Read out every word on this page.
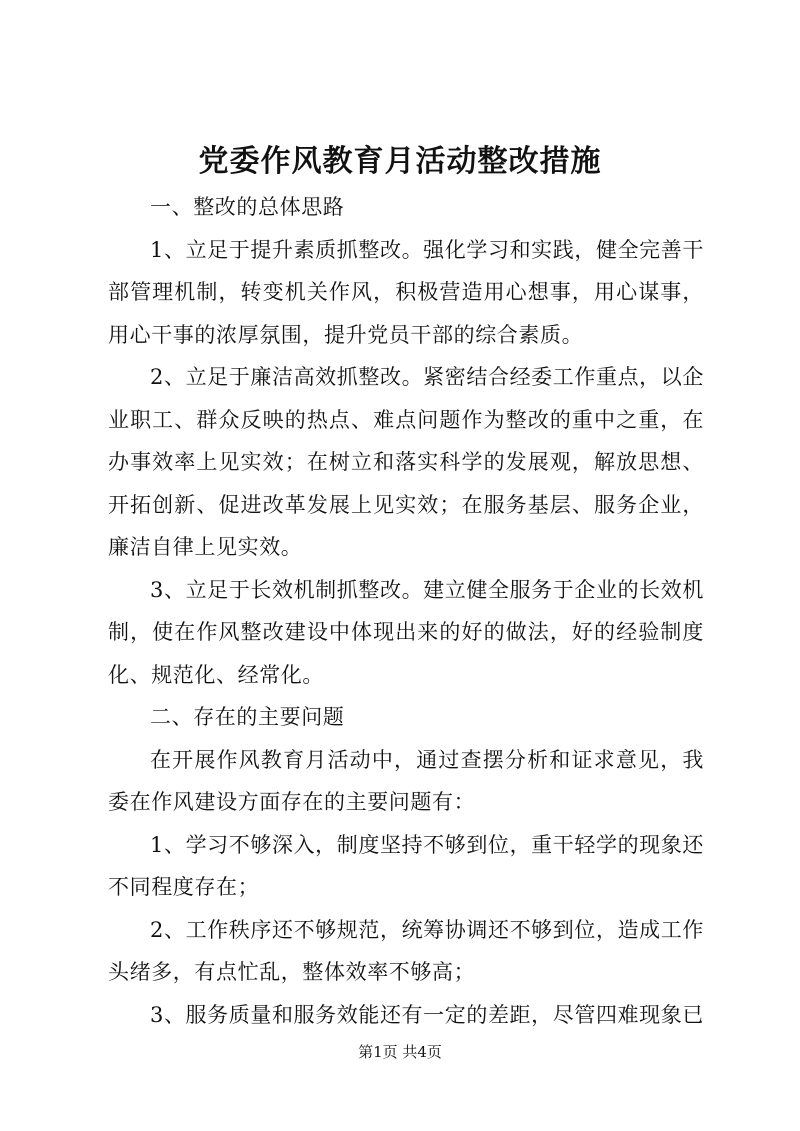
党委作风教育月活动整改措施

一、整改的总体思路

1、立足于提升素质抓整改。强化学习和实践，健全完善干部管理机制，转变机关作风，积极营造用心想事，用心谋事，用心干事的浓厚氛围，提升党员干部的综合素质。

2、立足于廉洁高效抓整改。紧密结合经委工作重点，以企业职工、群众反映的热点、难点问题作为整改的重中之重，在办事效率上见实效；在树立和落实科学的发展观，解放思想、开拓创新、促进改革发展上见实效；在服务基层、服务企业，廉洁自律上见实效。

3、立足于长效机制抓整改。建立健全服务于企业的长效机制，使在作风整改建设中体现出来的好的做法，好的经验制度化、规范化、经常化。

二、存在的主要问题

在开展作风教育月活动中，通过查摆分析和证求意见，我委在作风建设方面存在的主要问题有：

1、学习不够深入，制度坚持不够到位，重干轻学的现象还不同程度存在；

2、工作秩序还不够规范，统筹协调还不够到位，造成工作头绪多，有点忙乱，整体效率不够高；

3、服务质量和服务效能还有一定的差距，尽管四难现象已

第1页 共4页
